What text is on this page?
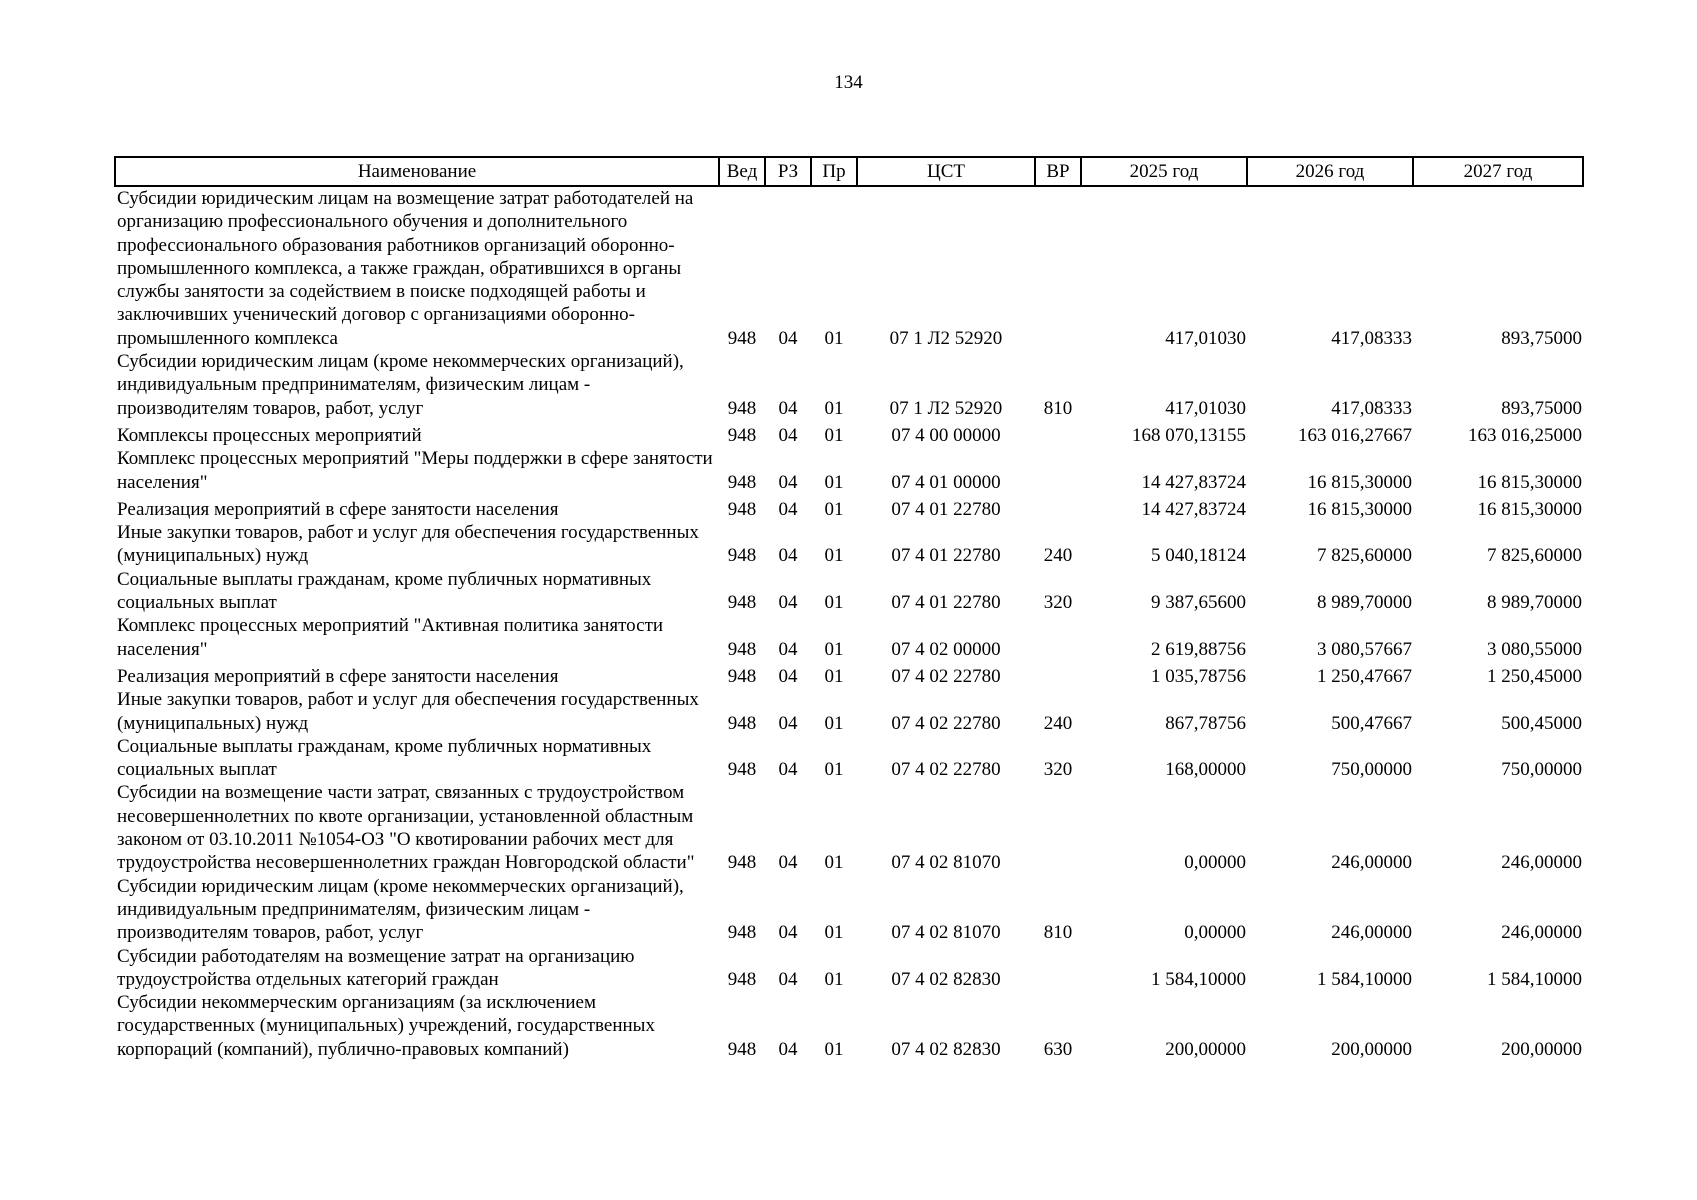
134
Наименование	Вед	РЗ	Пр	ЦСТ	ВР	2025 год	2026 год	2027 год
Субсидии юридическим лицам на возмещение затрат работодателей на организацию профессионального обучения и дополнительного профессионального образования работников организаций оборонно-промышленного комплекса, а также граждан, обратившихся в органы службы занятости за содействием в поиске подходящей работы и заключивших ученический договор с организациями оборонно-промышленного комплекса	948	04	01	07 1 Л2 52920		417,01030	417,08333	893,75000
Субсидии юридическим лицам (кроме некоммерческих организаций), индивидуальным предпринимателям, физическим лицам - производителям товаров, работ, услуг	948	04	01	07 1 Л2 52920	810	417,01030	417,08333	893,75000
Комплексы процессных мероприятий	948	04	01	07 4 00 00000		168 070,13155	163 016,27667	163 016,25000
Комплекс процессных мероприятий "Меры поддержки в сфере занятости населения"	948	04	01	07 4 01 00000		14 427,83724	16 815,30000	16 815,30000
Реализация мероприятий в сфере занятости населения	948	04	01	07 4 01 22780		14 427,83724	16 815,30000	16 815,30000
Иные закупки товаров, работ и услуг для обеспечения государственных (муниципальных) нужд	948	04	01	07 4 01 22780	240	5 040,18124	7 825,60000	7 825,60000
Социальные выплаты гражданам, кроме публичных нормативных социальных выплат	948	04	01	07 4 01 22780	320	9 387,65600	8 989,70000	8 989,70000
Комплекс процессных мероприятий "Активная политика занятости населения"	948	04	01	07 4 02 00000		2 619,88756	3 080,57667	3 080,55000
Реализация мероприятий в сфере занятости населения	948	04	01	07 4 02 22780		1 035,78756	1 250,47667	1 250,45000
Иные закупки товаров, работ и услуг для обеспечения государственных (муниципальных) нужд	948	04	01	07 4 02 22780	240	867,78756	500,47667	500,45000
Социальные выплаты гражданам, кроме публичных нормативных социальных выплат	948	04	01	07 4 02 22780	320	168,00000	750,00000	750,00000
Субсидии на возмещение части затрат, связанных с трудоустройством несовершеннолетних по квоте организации, установленной областным законом от 03.10.2011 №1054-ОЗ "О квотировании рабочих мест для трудоустройства несовершеннолетних граждан Новгородской области"	948	04	01	07 4 02 81070		0,00000	246,00000	246,00000
Субсидии юридическим лицам (кроме некоммерческих организаций), индивидуальным предпринимателям, физическим лицам - производителям товаров, работ, услуг	948	04	01	07 4 02 81070	810	0,00000	246,00000	246,00000
Субсидии работодателям на возмещение затрат на организацию трудоустройства отдельных категорий граждан	948	04	01	07 4 02 82830		1 584,10000	1 584,10000	1 584,10000
Субсидии некоммерческим организациям (за исключением государственных (муниципальных) учреждений, государственных корпораций (компаний), публично-правовых компаний)	948	04	01	07 4 02 82830	630	200,00000	200,00000	200,00000
